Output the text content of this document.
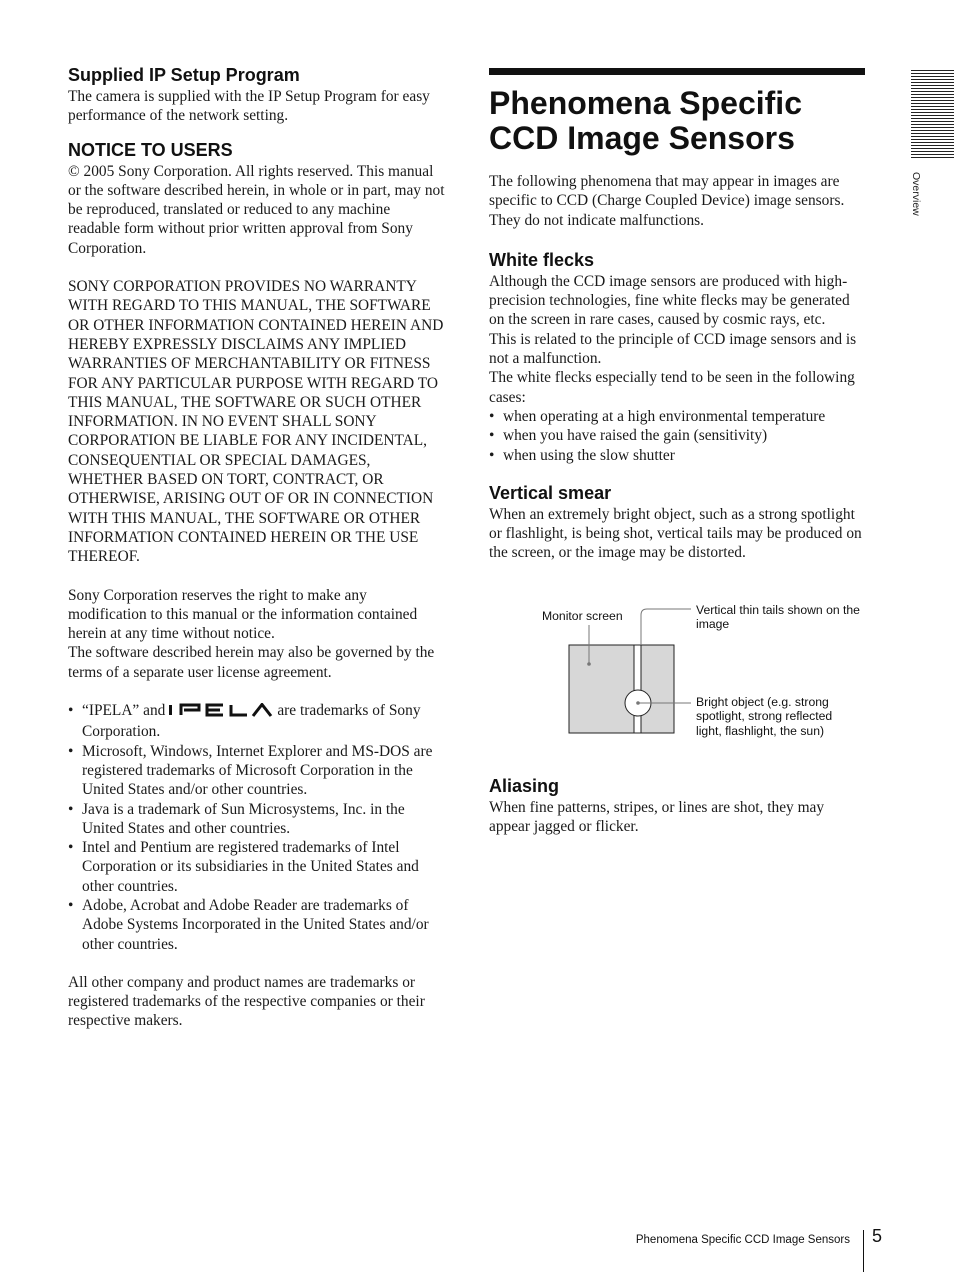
Supplied IP Setup Program

The camera is supplied with the IP Setup Program for easy performance of the network setting.

NOTICE TO USERS

© 2005 Sony Corporation. All rights reserved. This manual or the software described herein, in whole or in part, may not be reproduced, translated or reduced to any machine readable form without prior written approval from Sony Corporation.

SONY CORPORATION PROVIDES NO WARRANTY WITH REGARD TO THIS MANUAL, THE SOFTWARE OR OTHER INFORMATION CONTAINED HEREIN AND HEREBY EXPRESSLY DISCLAIMS ANY IMPLIED WARRANTIES OF MERCHANTABILITY OR FITNESS FOR ANY PARTICULAR PURPOSE WITH REGARD TO THIS MANUAL, THE SOFTWARE OR SUCH OTHER INFORMATION. IN NO EVENT SHALL SONY CORPORATION BE LIABLE FOR ANY INCIDENTAL, CONSEQUENTIAL OR SPECIAL DAMAGES, WHETHER BASED ON TORT, CONTRACT, OR OTHERWISE, ARISING OUT OF OR IN CONNECTION WITH THIS MANUAL, THE SOFTWARE OR OTHER INFORMATION CONTAINED HEREIN OR THE USE THEREOF.

Sony Corporation reserves the right to make any modification to this manual or the information contained herein at any time without notice.

The software described herein may also be governed by the terms of a separate user license agreement.

• “IPELA” and	are trademarks of Sony Corporation.
• Microsoft, Windows, Internet Explorer and MS-DOS are registered trademarks of Microsoft Corporation in the United States and/or other countries.
• Java is a trademark of Sun Microsystems, Inc. in the United States and other countries.
• Intel and Pentium are registered trademarks of Intel Corporation or its subsidiaries in the United States and other countries.
• Adobe, Acrobat and Adobe Reader are trademarks of Adobe Systems Incorporated in the United States and/or other countries.

All other company and product names are trademarks or registered trademarks of the respective companies or their respective makers.

Phenomena Specific
CCD Image Sensors

The following phenomena that may appear in images are specific to CCD (Charge Coupled Device) image sensors. They do not indicate malfunctions.

White flecks

Although the CCD image sensors are produced with high-precision technologies, fine white flecks may be generated on the screen in rare cases, caused by cosmic rays, etc.

This is related to the principle of CCD image sensors and is not a malfunction.

The white flecks especially tend to be seen in the following cases:

• when operating at a high environmental temperature
• when you have raised the gain (sensitivity)
• when using the slow shutter
Vertical smear

When an extremely bright object, such as a strong spotlight or flashlight, is being shot, vertical tails may be produced on the screen, or the image may be distorted.

Monitor screen	Vertical thin tails shown on the image
Bright object (e.g. strong spotlight, strong reflected light, flashlight, the sun)
Aliasing

When fine patterns, stripes, or lines are shot, they may appear jagged or flicker.

Overview
Phenomena Specific CCD Image Sensors 5
